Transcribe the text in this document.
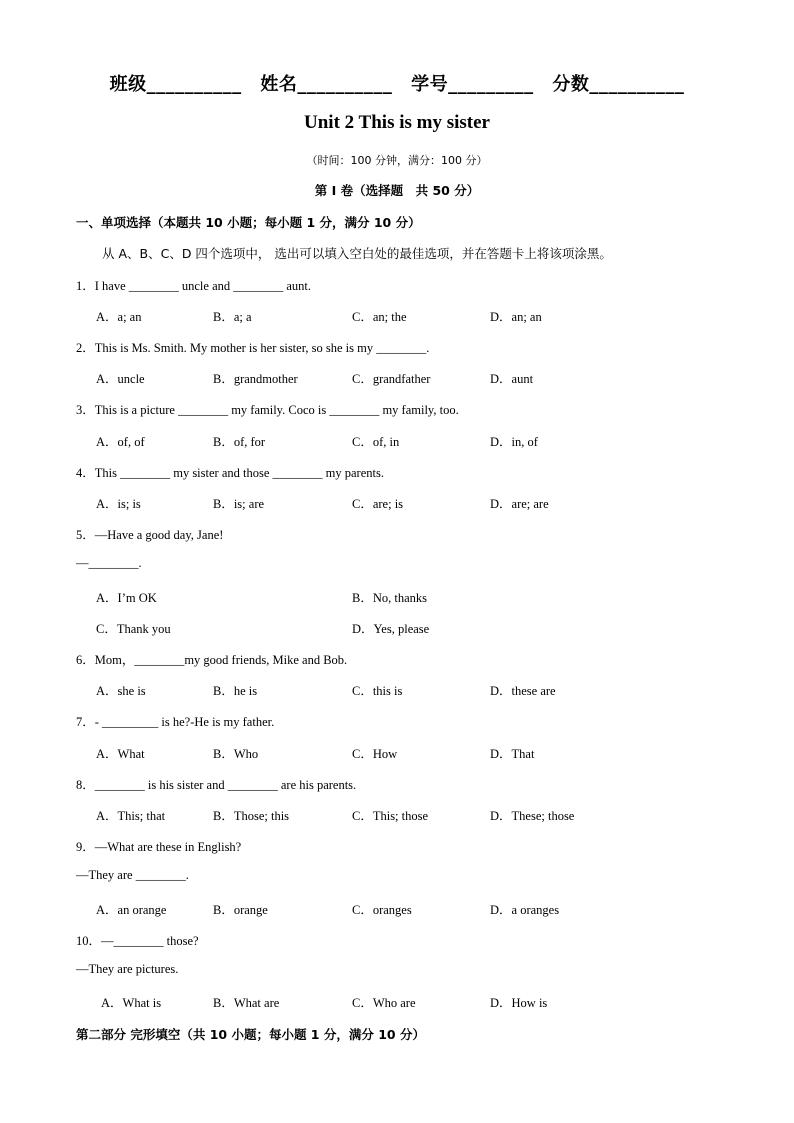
班级__________ 姓名__________ 学号_________ 分数__________
Unit 2 This is my sister
（时间：100 分钟，满分：100 分）
第 I 卷（选择题　共 50 分）
一、单项选择（本题共 10 小题；每小题 1 分，满分 10 分）
从 A、B、C、D 四个选项中， 选出可以填入空白处的最佳选项，并在答题卡上将该项涂黑。
1．I have ________ uncle and ________ aunt.
A．a; an	B．a; a	C．an; the	D．an; an
2．This is Ms. Smith. My mother is her sister, so she is my ________.
A．uncle	B．grandmother	C．grandfather	D．aunt
3．This is a picture ________ my family. Coco is ________ my family, too.
A．of, of	B．of, for	C．of, in	D．in, of
4．This ________ my sister and those ________ my parents.
A．is; is	B．is; are	C．are; is	D．are; are
5．—Have a good day, Jane!
—________.
A．I’m OK	B．No, thanks
C．Thank you	D．Yes, please
6．Mom，________my good friends, Mike and Bob.
A．she is	B．he is	C．this is	D．these are
7．- _________ is he?-He is my father.
A．What	B．Who	C．How	D．That
8．________ is his sister and ________ are his parents.
A．This; that	B．Those; this	C．This; those	D．These; those
9．—What are these in English?
—They are ________.
A．an orange	B．orange	C．oranges	D．a oranges
10．—________ those?
—They are pictures.
A．What is	B．What are	C．Who are	D．How is
第二部分 完形填空（共 10 小题；每小题 1 分，满分 10 分）
